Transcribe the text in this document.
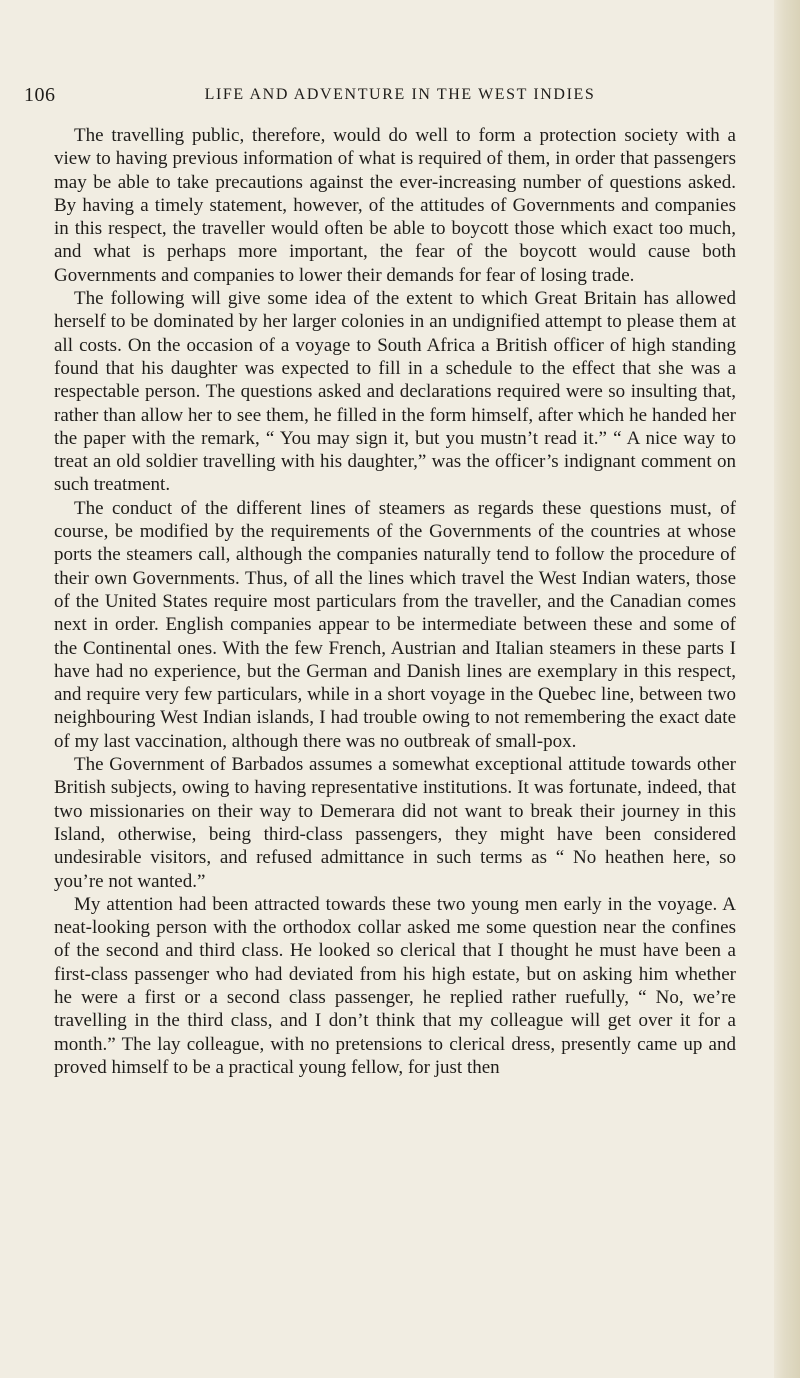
106	LIFE AND ADVENTURE IN THE WEST INDIES

The travelling public, therefore, would do well to form a protection society with a view to having previous information of what is required of them, in order that passengers may be able to take precautions against the ever-increasing number of questions asked. By having a timely statement, however, of the attitudes of Governments and companies in this respect, the traveller would often be able to boycott those which exact too much, and what is perhaps more important, the fear of the boycott would cause both Governments and companies to lower their demands for fear of losing trade.

The following will give some idea of the extent to which Great Britain has allowed herself to be dominated by her larger colonies in an undignified attempt to please them at all costs. On the occasion of a voyage to South Africa a British officer of high standing found that his daughter was expected to fill in a schedule to the effect that she was a respectable person. The questions asked and declarations required were so insulting that, rather than allow her to see them, he filled in the form himself, after which he handed her the paper with the remark, “ You may sign it, but you mustn’t read it.” “ A nice way to treat an old soldier travelling with his daughter,” was the officer’s indignant comment on such treatment.

The conduct of the different lines of steamers as regards these questions must, of course, be modified by the requirements of the Governments of the countries at whose ports the steamers call, although the companies naturally tend to follow the procedure of their own Governments. Thus, of all the lines which travel the West Indian waters, those of the United States require most particulars from the traveller, and the Canadian comes next in order. English companies appear to be intermediate between these and some of the Continental ones. With the few French, Austrian and Italian steamers in these parts I have had no experience, but the German and Danish lines are exemplary in this respect, and require very few particulars, while in a short voyage in the Quebec line, between two neighbouring West Indian islands, I had trouble owing to not remembering the exact date of my last vaccination, although there was no outbreak of small-pox.

The Government of Barbados assumes a somewhat exceptional attitude towards other British subjects, owing to having representative institutions. It was fortunate, indeed, that two missionaries on their way to Demerara did not want to break their journey in this Island, otherwise, being third-class passengers, they might have been considered undesirable visitors, and refused admittance in such terms as “ No heathen here, so you’re not wanted.”

My attention had been attracted towards these two young men early in the voyage. A neat-looking person with the orthodox collar asked me some question near the confines of the second and third class. He looked so clerical that I thought he must have been a first-class passenger who had deviated from his high estate, but on asking him whether he were a first or a second class passenger, he replied rather ruefully, “ No, we’re travelling in the third class, and I don’t think that my colleague will get over it for a month.” The lay colleague, with no pretensions to clerical dress, presently came up and proved himself to be a practical young fellow, for just then
